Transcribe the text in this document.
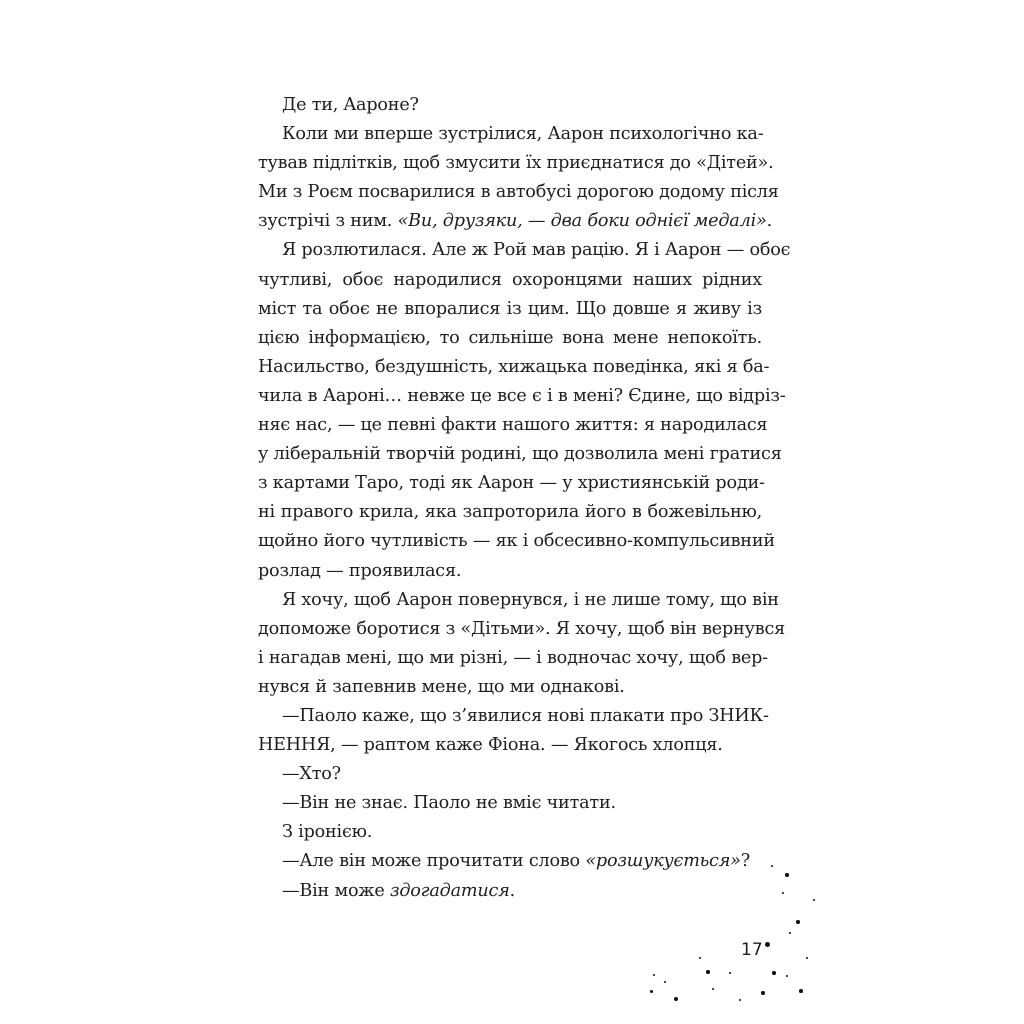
Де ти, Aароне?
Коли ми вперше зустрілися, Аарон психологічно ка-
тував підлітків, щоб змусити їх приєднатися до «Дітей».
Ми з Роєм посварилися в автобусі дорогою додому після
зустрічі з ним. «Ви, друзяки, — два боки однієї медалі».
Я розлютилася. Але ж Рой мав рацію. Я і Аарон — обоє
чутливі, обоє народилися охоронцями наших рідних
міст та обоє не впоралися із цим. Що довше я живу із
цією інформацією, то сильніше вона мене непокоїть.
Насильство, бездушність, хижацька поведінка, які я ба-
чила в Аароні… невже це все є і в мені? Єдине, що відріз-
няє нас, — це певні факти нашого життя: я народилася
у ліберальній творчій родині, що дозволила мені гратися
з картами Таро, тоді як Аарон — у християнській роди-
ні правого крила, яка запроторила його в божевільню,
щойно його чутливість — як і обсесивно-компульсивний
розлад — проявилася.
Я хочу, щоб Аарон повернувся, і не лише тому, що він
допоможе боротися з «Дітьми». Я хочу, щоб він вернувся
і нагадав мені, що ми різні, — і водночас хочу, щоб вер-
нувся й запевнив мене, що ми однакові.
—Паоло каже, що з’явилися нові плакати про ЗНИК-
НЕННЯ, — раптом каже Фіона. — Якогось хлопця.
—Хто?
—Він не знає. Паоло не вміє читати.
З іронією.
—Але він може прочитати слово «розшукується»?
—Він може здогадатися.
17
